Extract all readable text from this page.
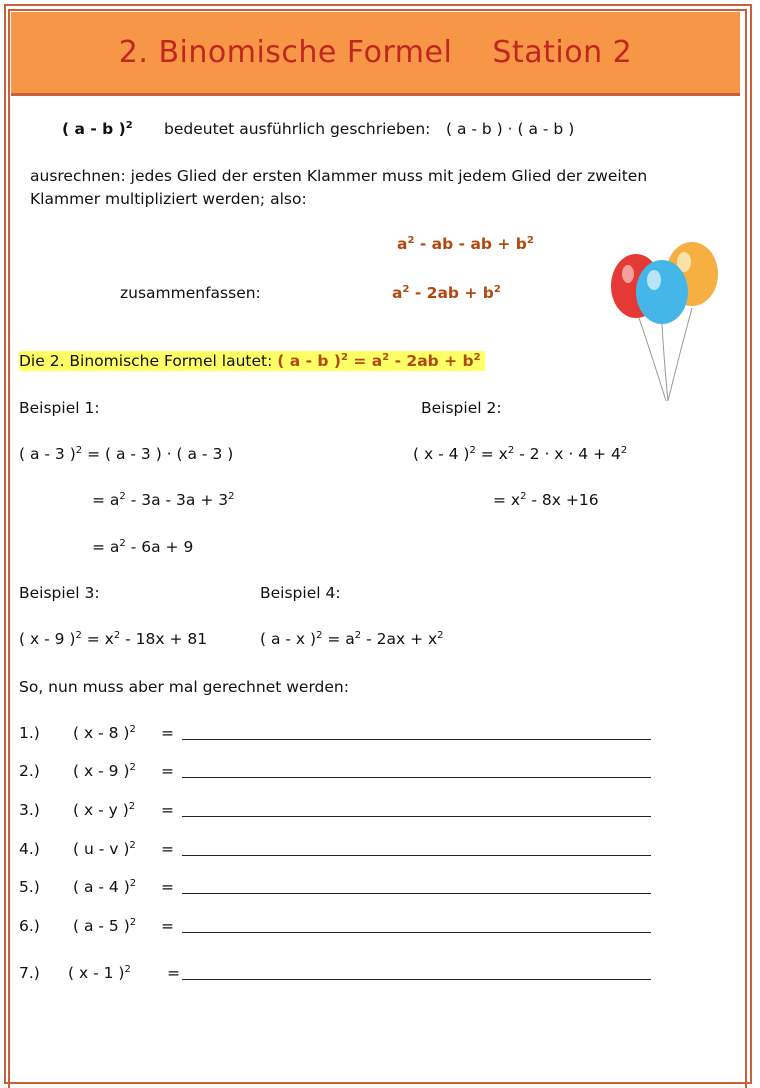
2. Binomische Formel    Station 2
( a - b )$^2$ bedeutet ausführlich geschrieben: ( a - b ) · ( a - b )
ausrechnen: jedes Glied der ersten Klammer muss mit jedem Glied der zweiten
Klammer multipliziert werden; also:
$a^2$ - ab - ab + $b^2$
zusammenfassen:	$a^2 - 2ab + b^2$
Die 2. Binomische Formel lautet: ( a - b )$^2 = a^2 - 2ab + b^2$
Beispiel 1:	Beispiel 2:
( a - 3 )$^2$ = ( a - 3 ) · ( a - 3 )	( x - 4 )$^2 = x^2 - 2 \cdot x \cdot 4 + 4^2$
= $a^2 - 3a - 3a + 3^2$	= $x^2 - 8x +16$
= $a^2 - 6a + 9$
Beispiel 3:	Beispiel 4:
( x - 9 )$^2 = x^2 - 18x + 81$	( a - x )$^2 = a^2 - 2ax + x^2$
So, nun muss aber mal gerechnet werden:
1.) ( x - 8 )$^2$ =
2.) ( x - 9 )$^2$ =
3.) ( x - y )$^2$ =
4.) ( u - v )$^2$ =
5.) ( a - 4 )$^2$ =
6.) ( a - 5 )$^2$ =
7.) ( x - 1 )$^2$ =
